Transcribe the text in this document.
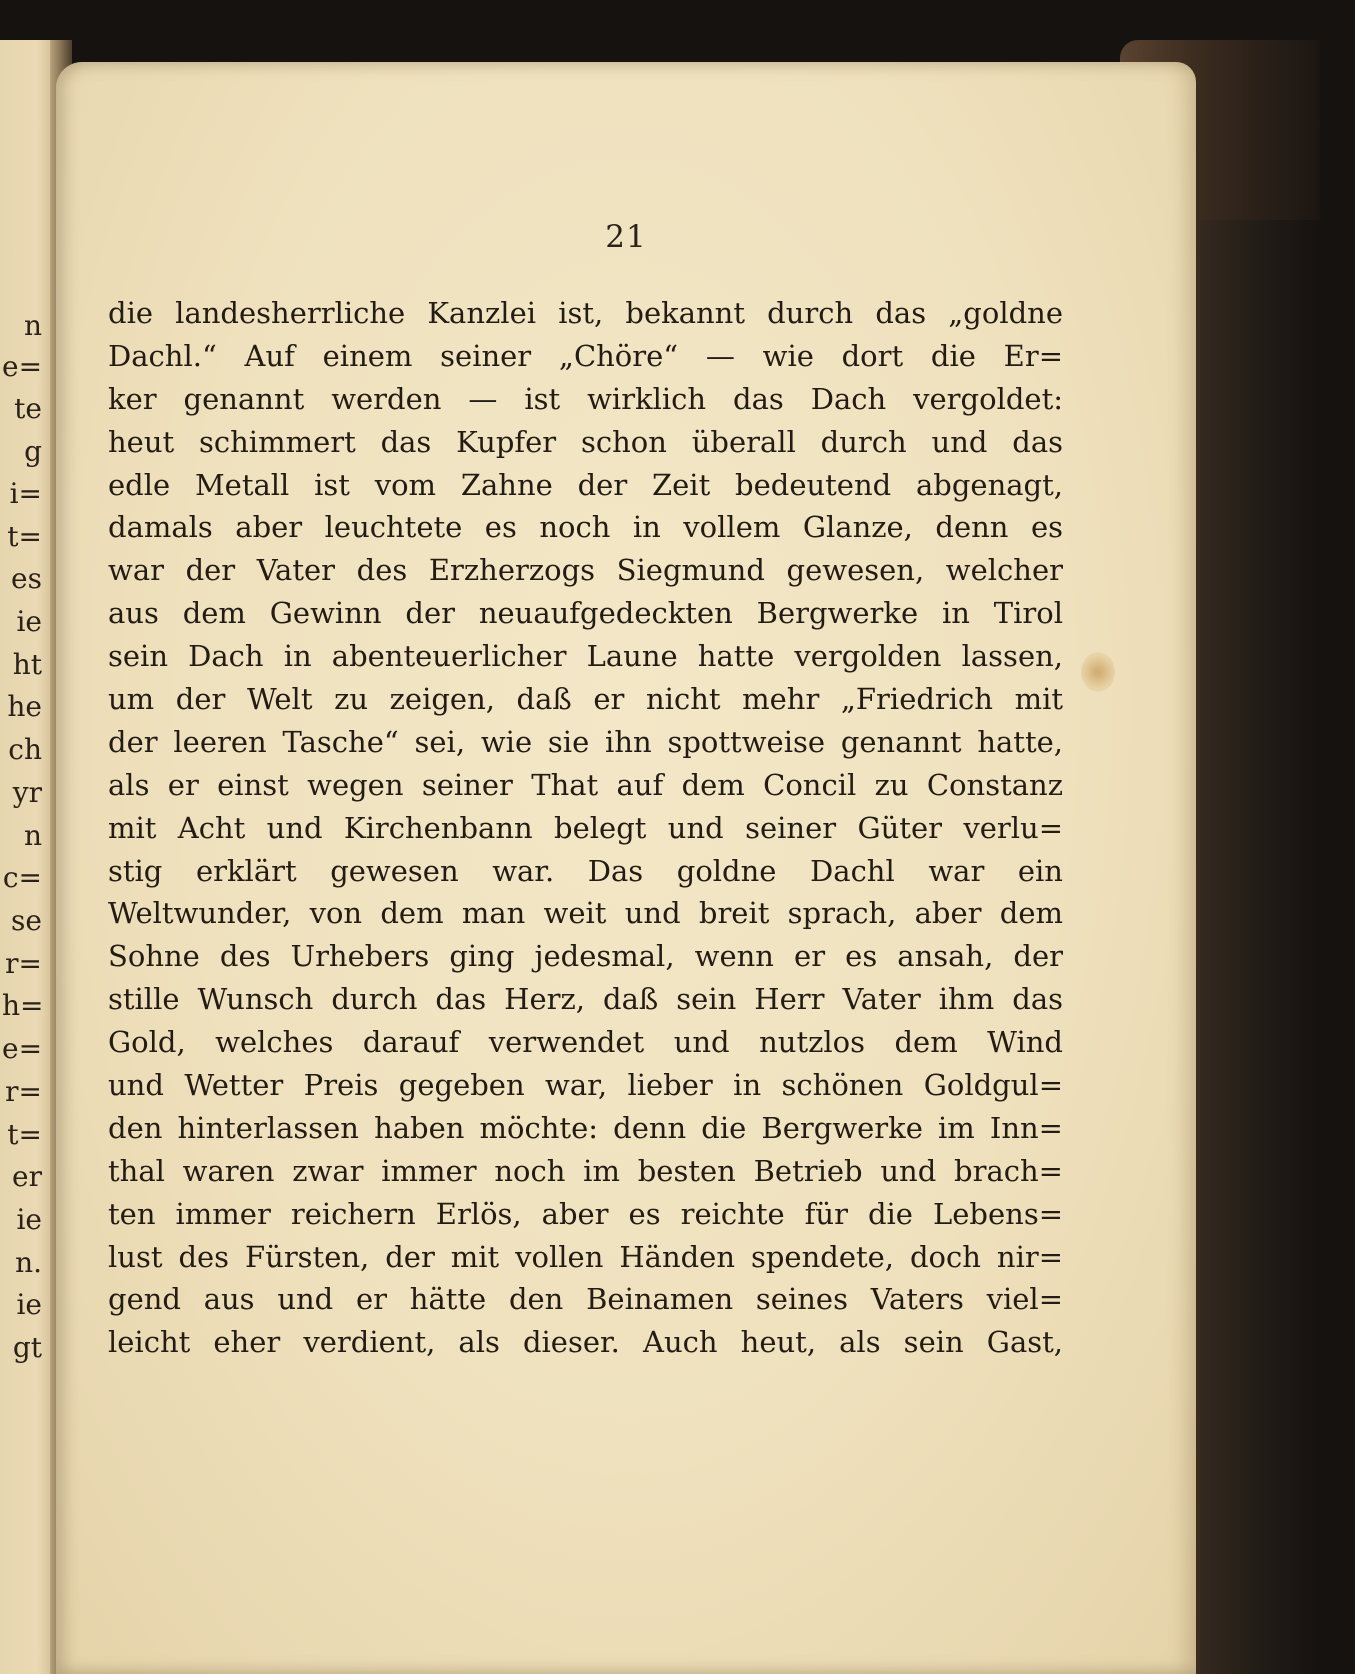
n
e=
te
g
i=
t=
es
ie
ht
he
ch
yr
n
c=
se
r=
h=
e=
r=
t=
er
ie
n.
ie
gt
21
die landesherrliche Kanzlei ist, bekannt durch das „goldne
Dachl.“ Auf einem seiner „Chöre“ — wie dort die Er=
ker genannt werden — ist wirklich das Dach vergoldet:
heut schimmert das Kupfer schon überall durch und das
edle Metall ist vom Zahne der Zeit bedeutend abgenagt,
damals aber leuchtete es noch in vollem Glanze, denn es
war der Vater des Erzherzogs Siegmund gewesen, welcher
aus dem Gewinn der neuaufgedeckten Bergwerke in Tirol
sein Dach in abenteuerlicher Laune hatte vergolden lassen,
um der Welt zu zeigen, daß er nicht mehr „Friedrich mit
der leeren Tasche“ sei, wie sie ihn spottweise genannt hatte,
als er einst wegen seiner That auf dem Concil zu Constanz
mit Acht und Kirchenbann belegt und seiner Güter verlu=
stig erklärt gewesen war. Das goldne Dachl war ein
Weltwunder, von dem man weit und breit sprach, aber dem
Sohne des Urhebers ging jedesmal, wenn er es ansah, der
stille Wunsch durch das Herz, daß sein Herr Vater ihm das
Gold, welches darauf verwendet und nutzlos dem Wind
und Wetter Preis gegeben war, lieber in schönen Goldgul=
den hinterlassen haben möchte: denn die Bergwerke im Inn=
thal waren zwar immer noch im besten Betrieb und brach=
ten immer reichern Erlös, aber es reichte für die Lebens=
lust des Fürsten, der mit vollen Händen spendete, doch nir=
gend aus und er hätte den Beinamen seines Vaters viel=
leicht eher verdient, als dieser. Auch heut, als sein Gast,
